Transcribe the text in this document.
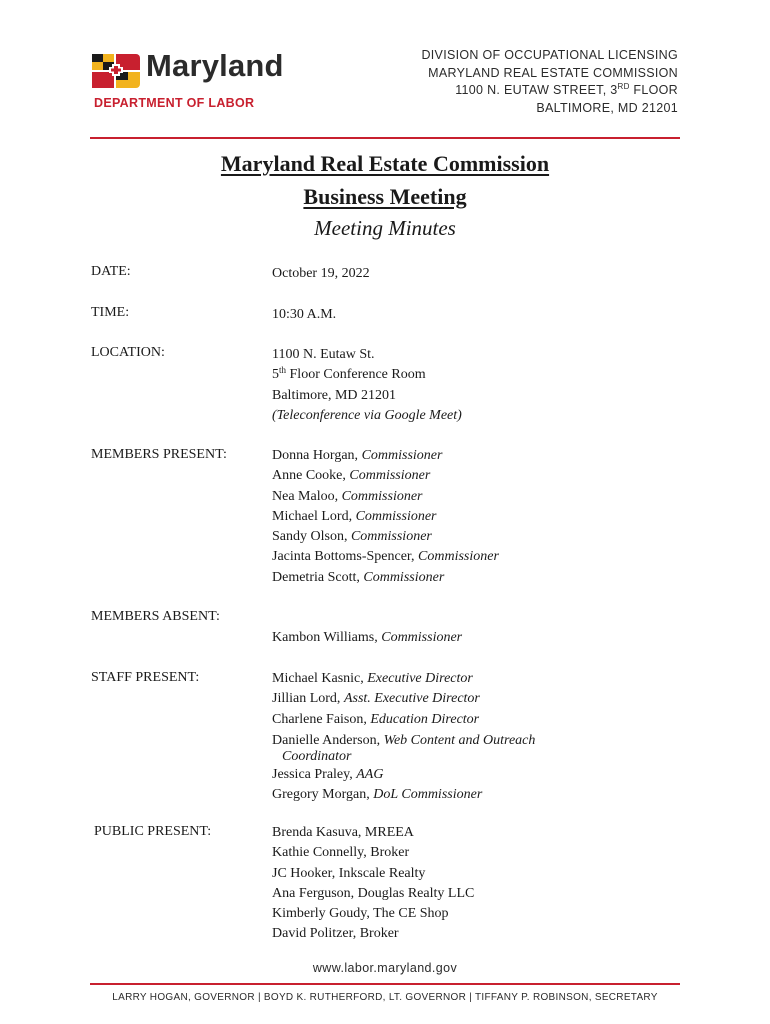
Maryland
DEPARTMENT OF LABOR
DIVISION OF OCCUPATIONAL LICENSING
MARYLAND REAL ESTATE COMMISSION
1100 N. EUTAW STREET, 3RD FLOOR
BALTIMORE, MD 21201
Maryland Real Estate Commission
Business Meeting
Meeting Minutes
DATE:	October 19, 2022
TIME:	10:30 A.M.
LOCATION:	1100 N. Eutaw St.
5th Floor Conference Room
Baltimore, MD 21201
(Teleconference via Google Meet)
MEMBERS PRESENT:	Donna Horgan, Commissioner
Anne Cooke, Commissioner
Nea Maloo, Commissioner
Michael Lord, Commissioner
Sandy Olson, Commissioner
Jacinta Bottoms-Spencer, Commissioner
Demetria Scott, Commissioner
MEMBERS ABSENT:
Kambon Williams, Commissioner
STAFF PRESENT:	Michael Kasnic, Executive Director
Jillian Lord, Asst. Executive Director
Charlene Faison, Education Director
Danielle Anderson, Web Content and Outreach
Coordinator
Jessica Praley, AAG
Gregory Morgan, DoL Commissioner
PUBLIC PRESENT:	Brenda Kasuva, MREEA
Kathie Connelly, Broker
JC Hooker, Inkscale Realty
Ana Ferguson, Douglas Realty LLC
Kimberly Goudy, The CE Shop
David Politzer, Broker
www.labor.maryland.gov
LARRY HOGAN, GOVERNOR | BOYD K. RUTHERFORD, LT. GOVERNOR | TIFFANY P. ROBINSON, SECRETARY
